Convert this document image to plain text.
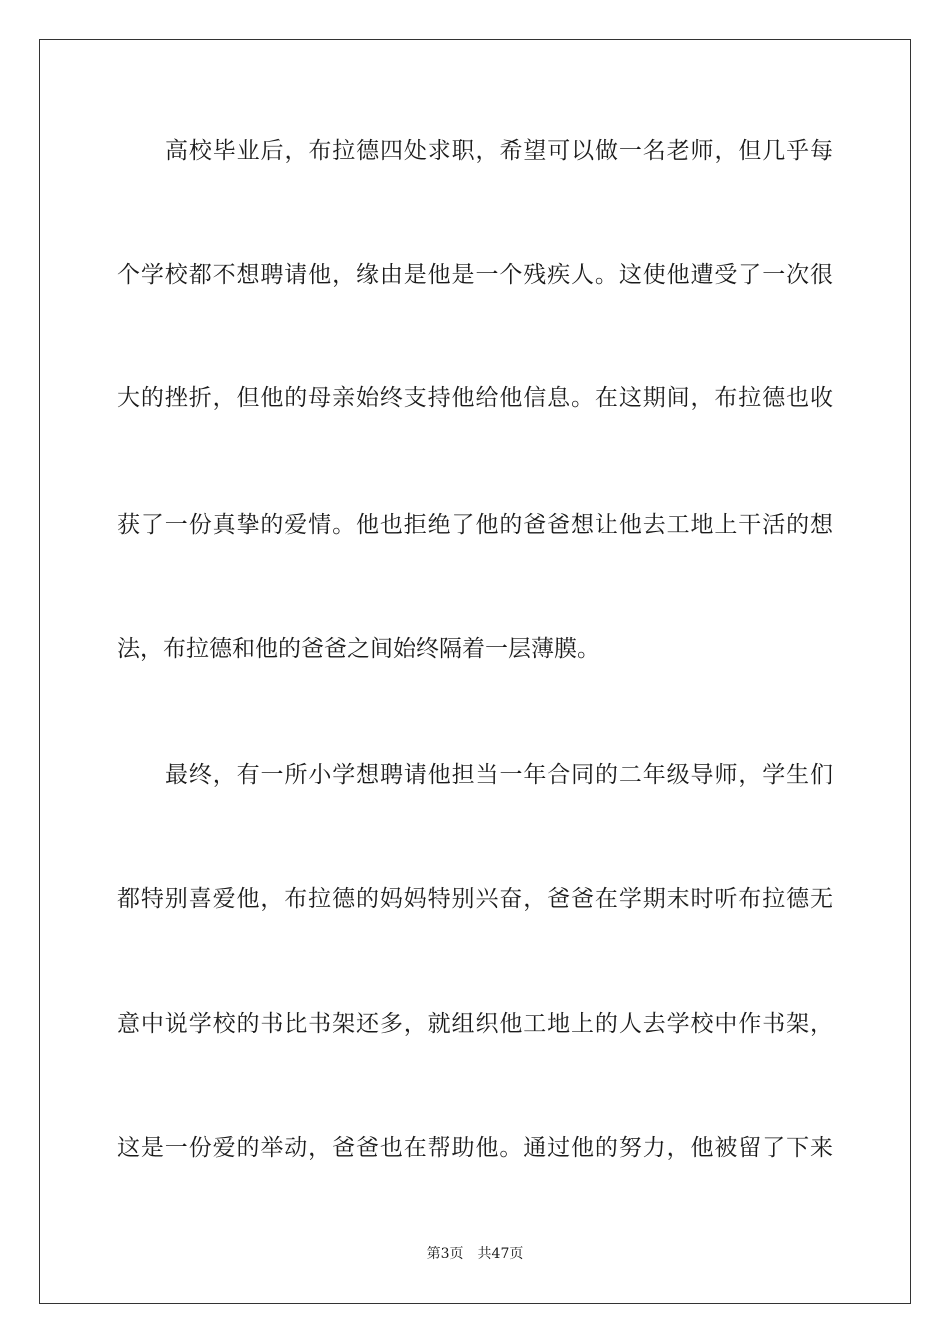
高校毕业后，布拉德四处求职，希望可以做一名老师，但几乎每
个学校都不想聘请他，缘由是他是一个残疾人。这使他遭受了一次很
大的挫折，但他的母亲始终支持他给他信息。在这期间，布拉德也收
获了一份真挚的爱情。他也拒绝了他的爸爸想让他去工地上干活的想
法，布拉德和他的爸爸之间始终隔着一层薄膜。
最终，有一所小学想聘请他担当一年合同的二年级导师，学生们
都特别喜爱他，布拉德的妈妈特别兴奋，爸爸在学期末时听布拉德无
意中说学校的书比书架还多，就组织他工地上的人去学校中作书架，
这是一份爱的举动，爸爸也在帮助他。通过他的努力，他被留了下来
第3页 共47页
